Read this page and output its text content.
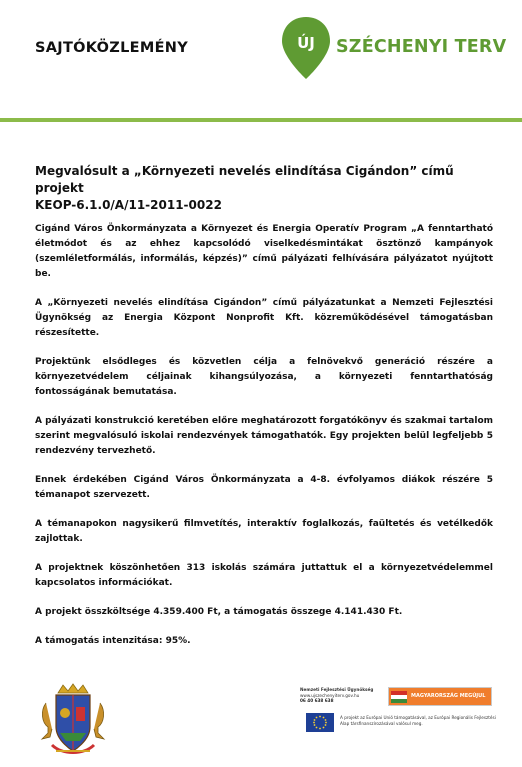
SAJTÓKÖZLEMÉNY	ÚJ SZÉCHENYI TERV
Megvalósult a „Környezeti nevelés elindítása Cigándon” című projekt
KEOP-6.1.0/A/11-2011-0022

Cigánd Város Önkormányzata a Környezet és Energia Operatív Program „A fenntartható életmódot és az ehhez kapcsolódó viselkedésmintákat ösztönző kampányok (szemléletformálás, informálás, képzés)” című pályázati felhívására pályázatot nyújtott be.

A „Környezeti nevelés elindítása Cigándon” című pályázatunkat a Nemzeti Fejlesztési Ügynökség az Energia Központ Nonprofit Kft. közreműködésével támogatásban részesítette.

Projektünk elsődleges és közvetlen célja a felnövekvő generáció részére a környezetvédelem céljainak kihangsúlyozása, a környezeti fenntarthatóság fontosságának bemutatása.

A pályázati konstrukció keretében előre meghatározott forgatókönyv és szakmai tartalom szerint megvalósuló iskolai rendezvények támogathatók. Egy projekten belül legfeljebb 5 rendezvény tervezhető.

Ennek érdekében Cigánd Város Önkormányzata a 4-8. évfolyamos diákok részére 5 témanapot szervezett.

A témanapokon nagysikerű filmvetítés, interaktív foglalkozás, faültetés és vetélkedők zajlottak.

A projektnek köszönhetően 313 iskolás számára juttattuk el a környezetvédelemmel kapcsolatos információkat.

A projekt összköltsége 4.359.400 Ft, a támogatás összege 4.141.430 Ft.

A támogatás intenzitása: 95%.

Nemzeti Fejlesztési Ügynökség
www.ujszechenyiterv.gov.hu
06 40 638 638
MAGYARORSZÁG MEGÚJUL
A projekt az Európai Unió támogatásával, az Európai Regionális Fejlesztési Alap társfinanszírozásával valósul meg.
